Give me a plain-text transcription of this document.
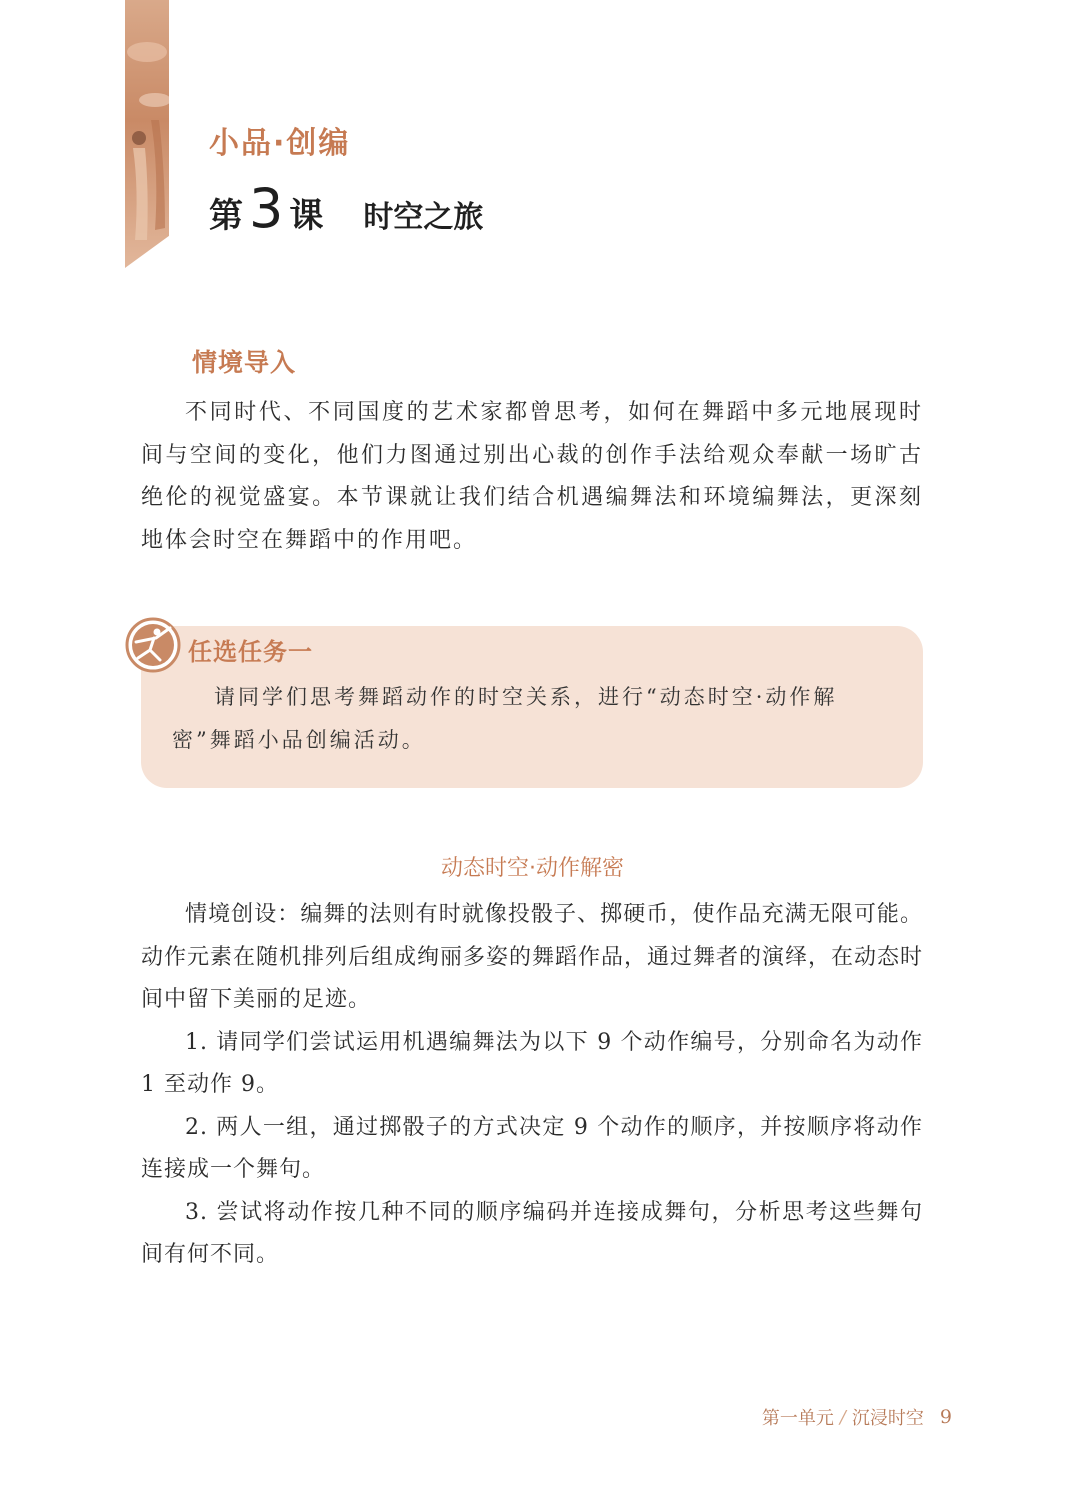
小品·创编
第 3 课 时空之旅
情境导入

不同时代、不同国度的艺术家都曾思考，如何在舞蹈中多元地展现时间与空间的变化，他们力图通过别出心裁的创作手法给观众奉献一场旷古绝伦的视觉盛宴。本节课就让我们结合机遇编舞法和环境编舞法，更深刻地体会时空在舞蹈中的作用吧。

任选任务一

请同学们思考舞蹈动作的时空关系，进行“动态时空·动作解密”舞蹈小品创编活动。

动态时空·动作解密

情境创设：编舞的法则有时就像投骰子、掷硬币，使作品充满无限可能。动作元素在随机排列后组成绚丽多姿的舞蹈作品，通过舞者的演绎，在动态时间中留下美丽的足迹。

1. 请同学们尝试运用机遇编舞法为以下 9 个动作编号，分别命名为动作 1 至动作 9。

2. 两人一组，通过掷骰子的方式决定 9 个动作的顺序，并按顺序将动作连接成一个舞句。

3. 尝试将动作按几种不同的顺序编码并连接成舞句，分析思考这些舞句间有何不同。

第一单元 / 沉浸时空 9
